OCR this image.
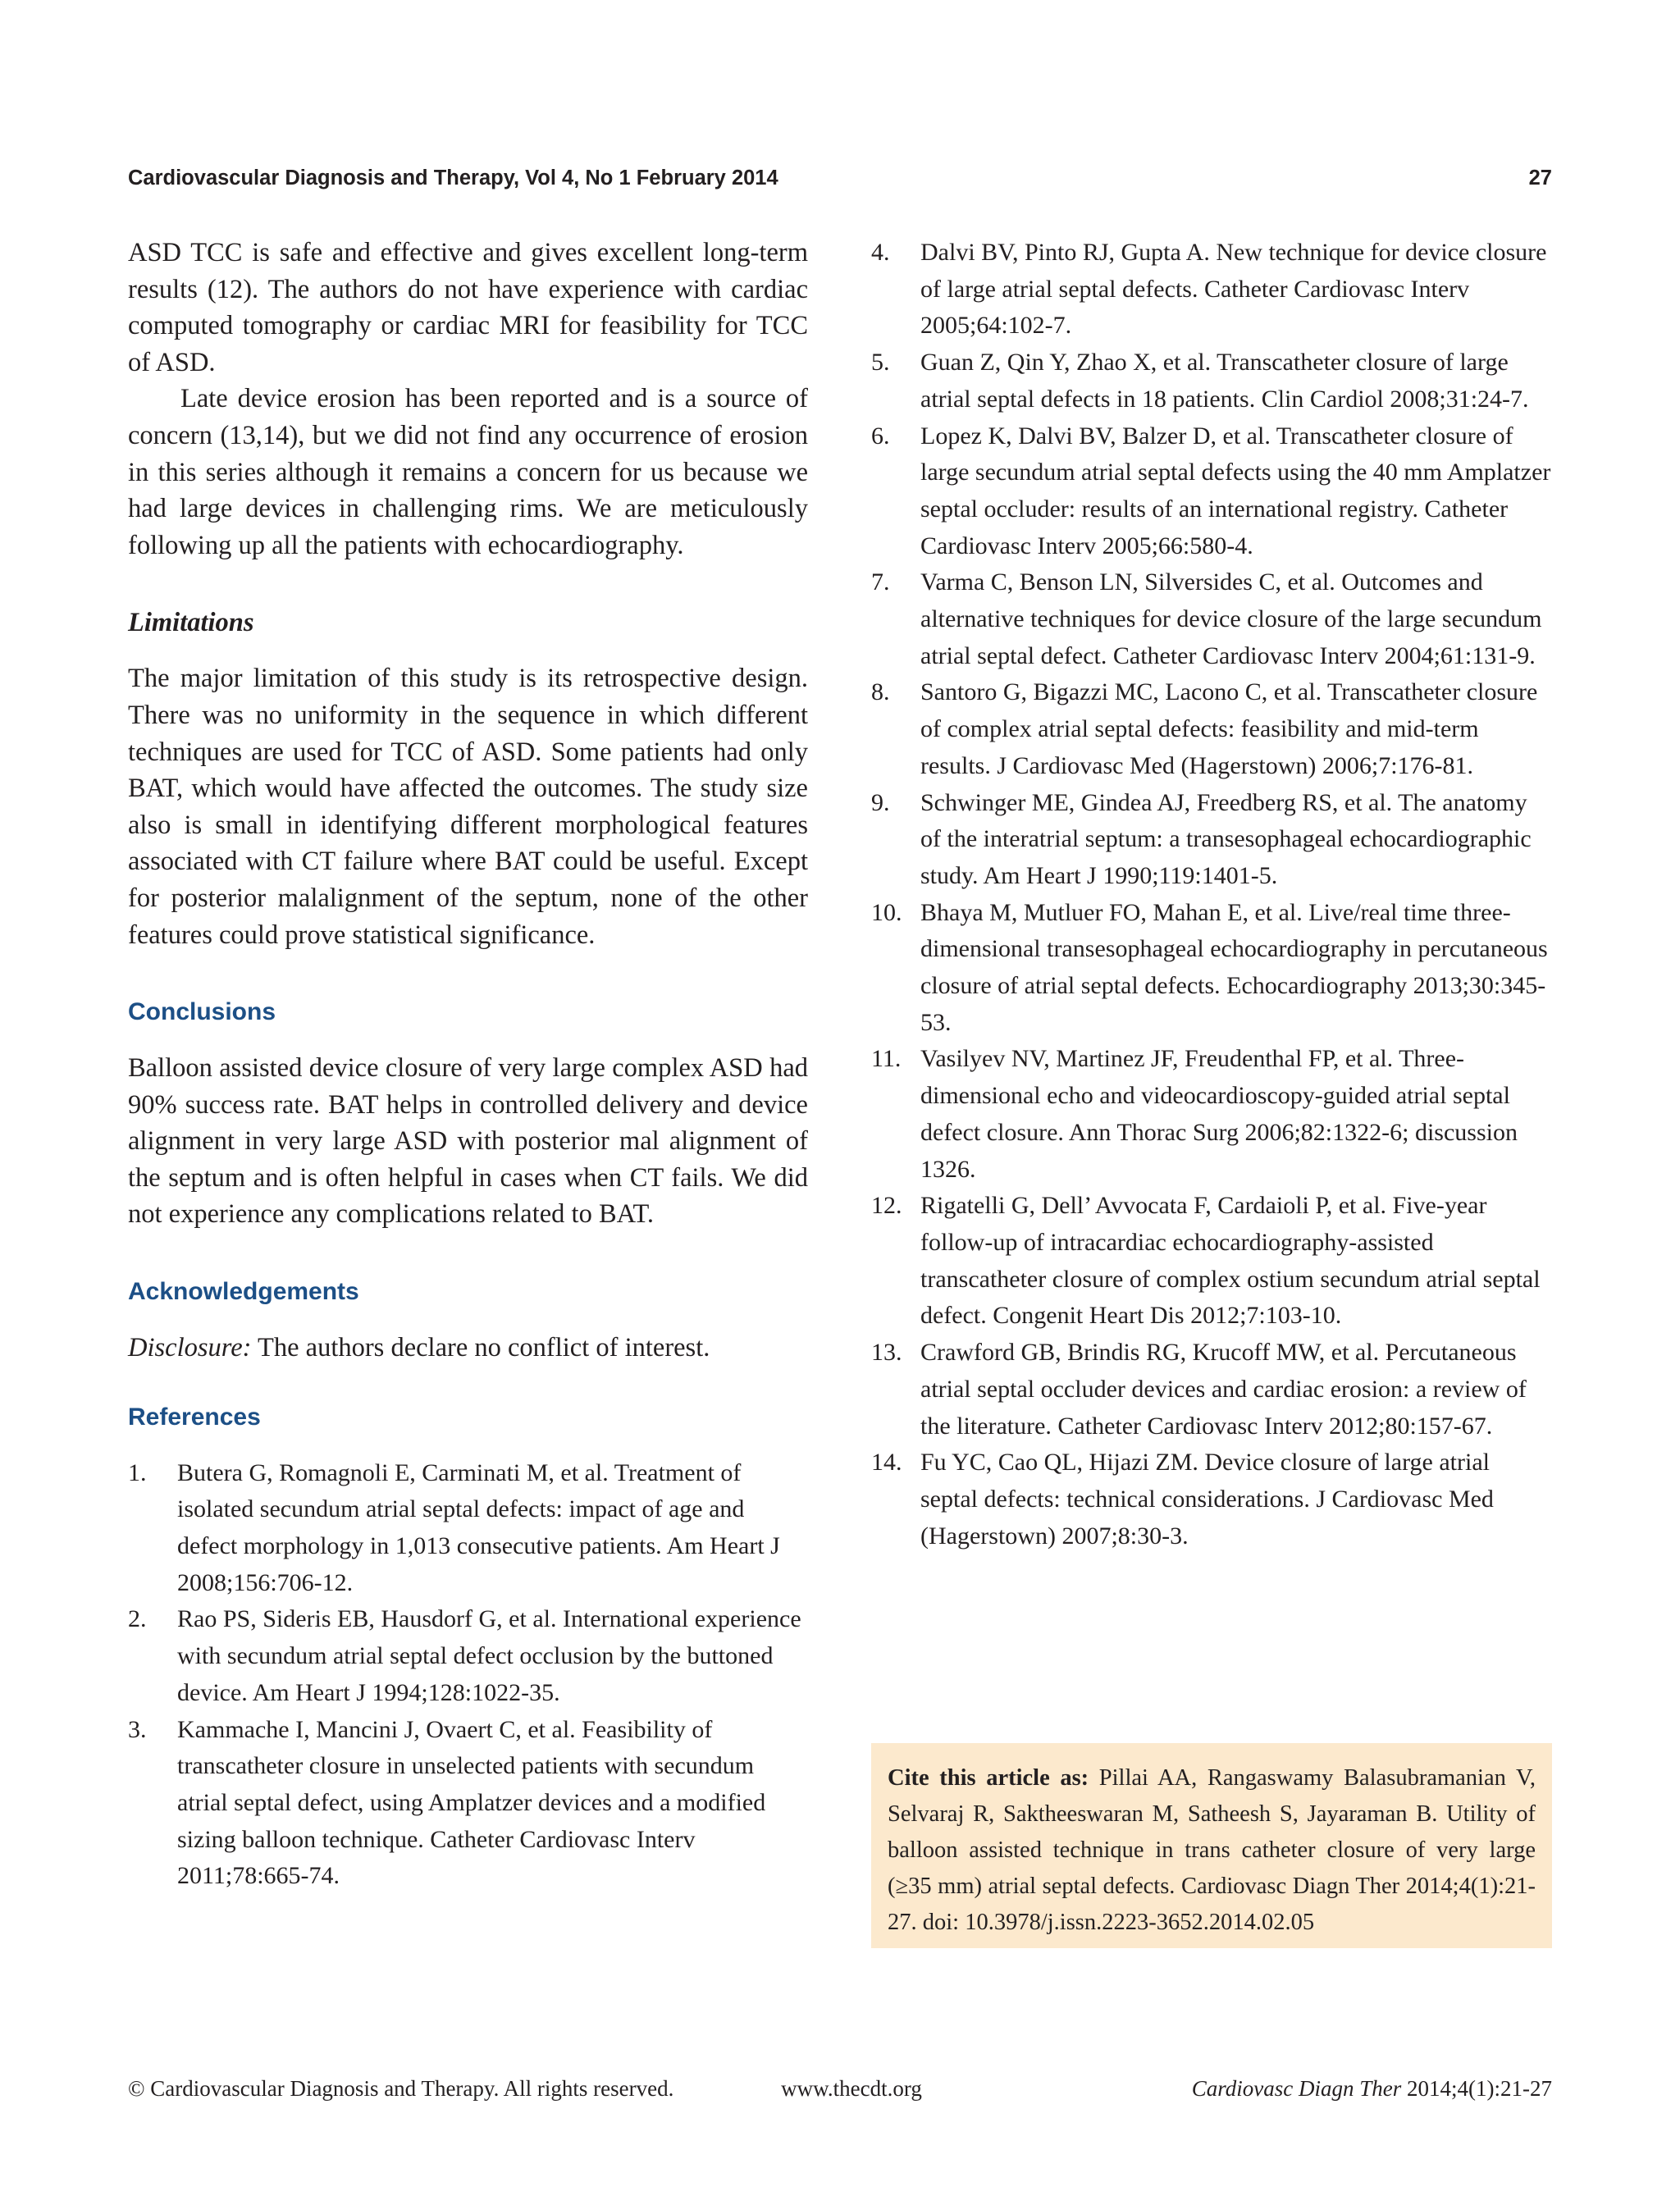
Cardiovascular Diagnosis and Therapy, Vol 4, No 1 February 2014	27

ASD TCC is safe and effective and gives excellent long-term results (12). The authors do not have experience with cardiac computed tomography or cardiac MRI for feasibility for TCC of ASD.

Late device erosion has been reported and is a source of concern (13,14), but we did not find any occurrence of erosion in this series although it remains a concern for us because we had large devices in challenging rims. We are meticulously following up all the patients with echocardiography.

Limitations

The major limitation of this study is its retrospective design. There was no uniformity in the sequence in which different techniques are used for TCC of ASD. Some patients had only BAT, which would have affected the outcomes. The study size also is small in identifying different morphological features associated with CT failure where BAT could be useful. Except for posterior malalignment of the septum, none of the other features could prove statistical significance.

Conclusions

Balloon assisted device closure of very large complex ASD had 90% success rate. BAT helps in controlled delivery and device alignment in very large ASD with posterior mal alignment of the septum and is often helpful in cases when CT fails. We did not experience any complications related to BAT.

Acknowledgements

Disclosure: The authors declare no conflict of interest.

References
1. Butera G, Romagnoli E, Carminati M, et al. Treatment of isolated secundum atrial septal defects: impact of age and defect morphology in 1,013 consecutive patients. Am Heart J 2008;156:706-12.
2. Rao PS, Sideris EB, Hausdorf G, et al. International experience with secundum atrial septal defect occlusion by the buttoned device. Am Heart J 1994;128:1022-35.
3. Kammache I, Mancini J, Ovaert C, et al. Feasibility of transcatheter closure in unselected patients with secundum atrial septal defect, using Amplatzer devices and a modified sizing balloon technique. Catheter Cardiovasc Interv 2011;78:665-74.
4. Dalvi BV, Pinto RJ, Gupta A. New technique for device closure of large atrial septal defects. Catheter Cardiovasc Interv 2005;64:102-7.
5. Guan Z, Qin Y, Zhao X, et al. Transcatheter closure of large atrial septal defects in 18 patients. Clin Cardiol 2008;31:24-7.
6. Lopez K, Dalvi BV, Balzer D, et al. Transcatheter closure of large secundum atrial septal defects using the 40 mm Amplatzer septal occluder: results of an international registry. Catheter Cardiovasc Interv 2005;66:580-4.
7. Varma C, Benson LN, Silversides C, et al. Outcomes and alternative techniques for device closure of the large secundum atrial septal defect. Catheter Cardiovasc Interv 2004;61:131-9.
8. Santoro G, Bigazzi MC, Lacono C, et al. Transcatheter closure of complex atrial septal defects: feasibility and mid-term results. J Cardiovasc Med (Hagerstown) 2006;7:176-81.
9. Schwinger ME, Gindea AJ, Freedberg RS, et al. The anatomy of the interatrial septum: a transesophageal echocardiographic study. Am Heart J 1990;119:1401-5.
10. Bhaya M, Mutluer FO, Mahan E, et al. Live/real time three-dimensional transesophageal echocardiography in percutaneous closure of atrial septal defects. Echocardiography 2013;30:345-53.
11. Vasilyev NV, Martinez JF, Freudenthal FP, et al. Three-dimensional echo and videocardioscopy-guided atrial septal defect closure. Ann Thorac Surg 2006;82:1322-6; discussion 1326.
12. Rigatelli G, Dell’ Avvocata F, Cardaioli P, et al. Five-year follow-up of intracardiac echocardiography-assisted transcatheter closure of complex ostium secundum atrial septal defect. Congenit Heart Dis 2012;7:103-10.
13. Crawford GB, Brindis RG, Krucoff MW, et al. Percutaneous atrial septal occluder devices and cardiac erosion: a review of the literature. Catheter Cardiovasc Interv 2012;80:157-67.
14. Fu YC, Cao QL, Hijazi ZM. Device closure of large atrial septal defects: technical considerations. J Cardiovasc Med (Hagerstown) 2007;8:30-3.
Cite this article as: Pillai AA, Rangaswamy Balasubramanian V, Selvaraj R, Saktheeswaran M, Satheesh S, Jayaraman B. Utility of balloon assisted technique in trans catheter closure of very large (≥35 mm) atrial septal defects. Cardiovasc Diagn Ther 2014;4(1):21-27. doi: 10.3978/j.issn.2223-3652.2014.02.05
© Cardiovascular Diagnosis and Therapy. All rights reserved.	www.thecdt.org	Cardiovasc Diagn Ther 2014;4(1):21-27
